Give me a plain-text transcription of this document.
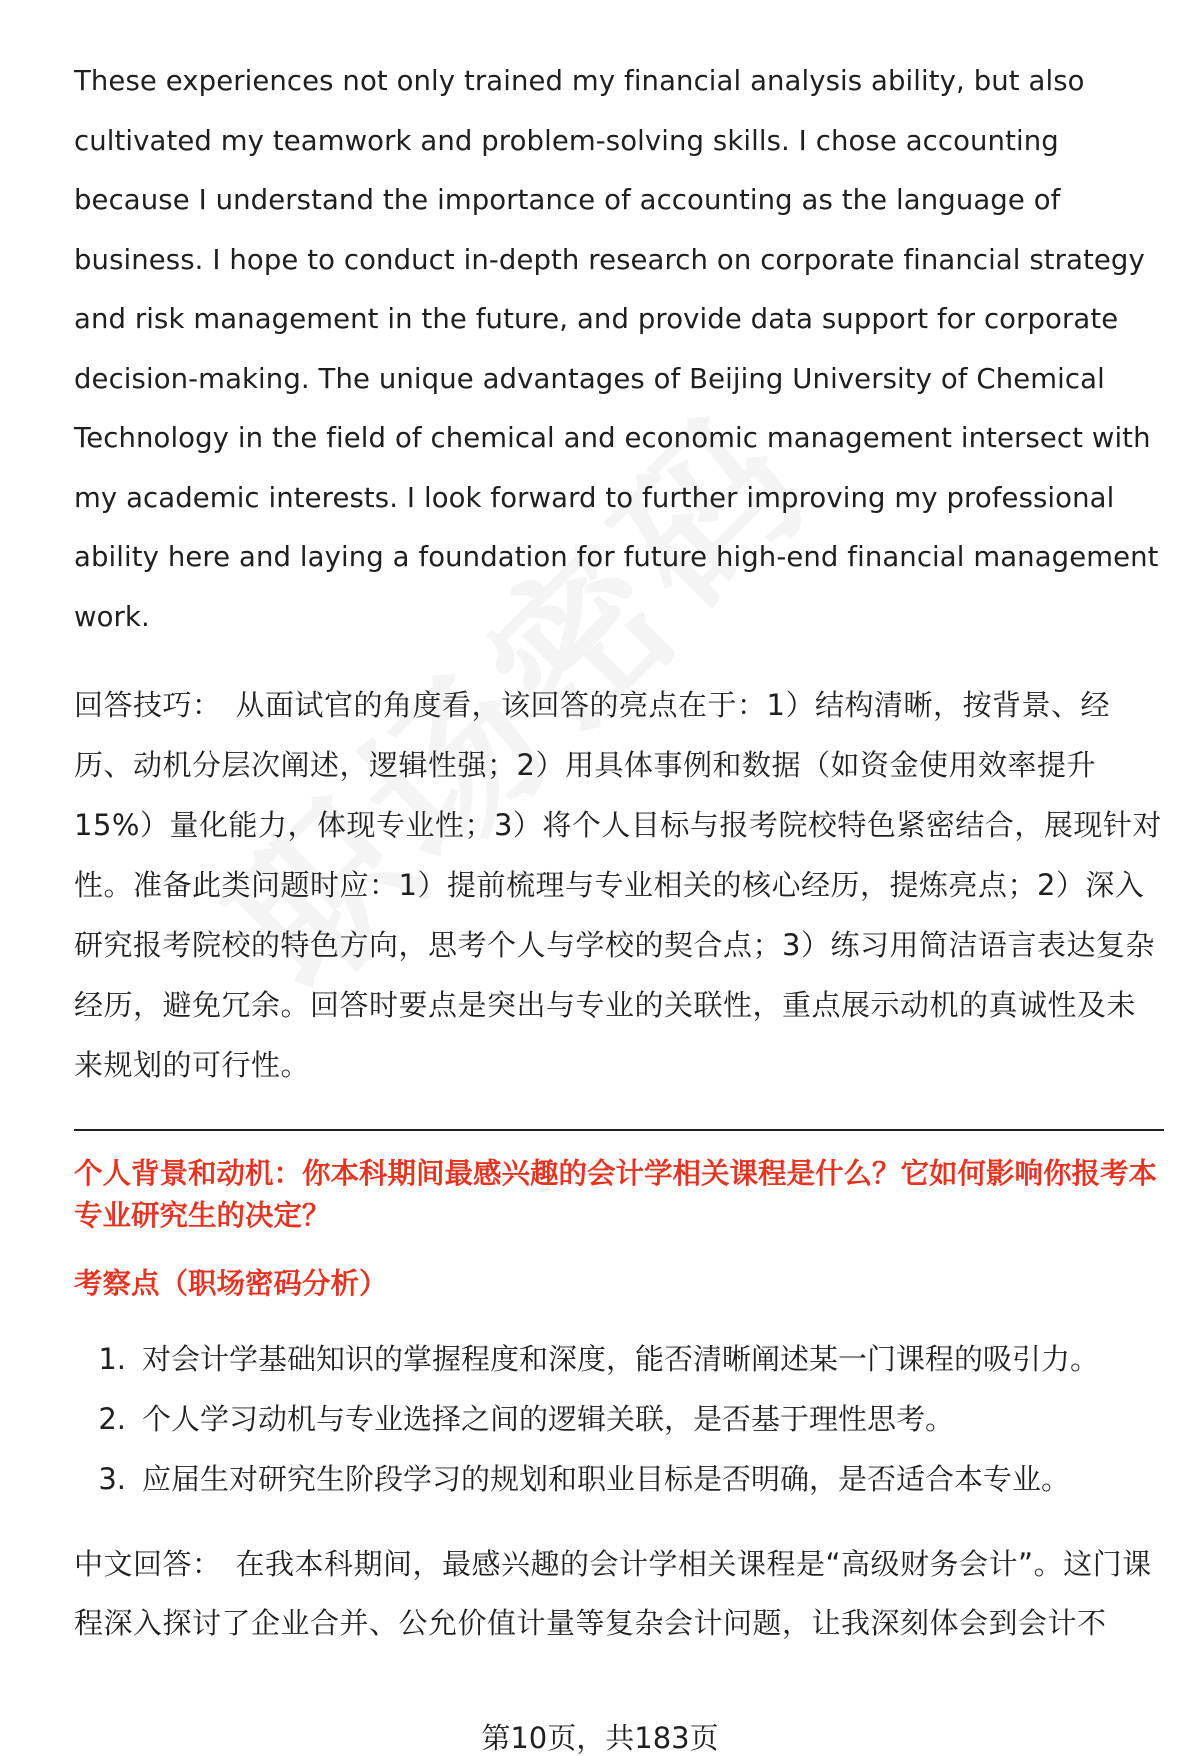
These experiences not only trained my financial analysis ability, but also cultivated my teamwork and problem-solving skills. I chose accounting because I understand the importance of accounting as the language of business. I hope to conduct in-depth research on corporate financial strategy and risk management in the future, and provide data support for corporate decision-making. The unique advantages of Beijing University of Chemical Technology in the field of chemical and economic management intersect with my academic interests. I look forward to further improving my professional ability here and laying a foundation for future high-end financial management work.

回答技巧： 从面试官的角度看，该回答的亮点在于：1）结构清晰，按背景、经历、动机分层次阐述，逻辑性强；2）用具体事例和数据（如资金使用效率提升15%）量化能力，体现专业性；3）将个人目标与报考院校特色紧密结合，展现针对性。准备此类问题时应：1）提前梳理与专业相关的核心经历，提炼亮点；2）深入研究报考院校的特色方向，思考个人与学校的契合点；3）练习用简洁语言表达复杂经历，避免冗余。回答时要点是突出与专业的关联性，重点展示动机的真诚性及未来规划的可行性。

个人背景和动机：你本科期间最感兴趣的会计学相关课程是什么？它如何影响你报考本专业研究生的决定？
考察点（职场密码分析）
1. 对会计学基础知识的掌握程度和深度，能否清晰阐述某一门课程的吸引力。
2. 个人学习动机与专业选择之间的逻辑关联，是否基于理性思考。
3. 应届生对研究生阶段学习的规划和职业目标是否明确，是否适合本专业。

中文回答： 在我本科期间，最感兴趣的会计学相关课程是“高级财务会计”。这门课程深入探讨了企业合并、公允价值计量等复杂会计问题，让我深刻体会到会计不

第10页，共183页
